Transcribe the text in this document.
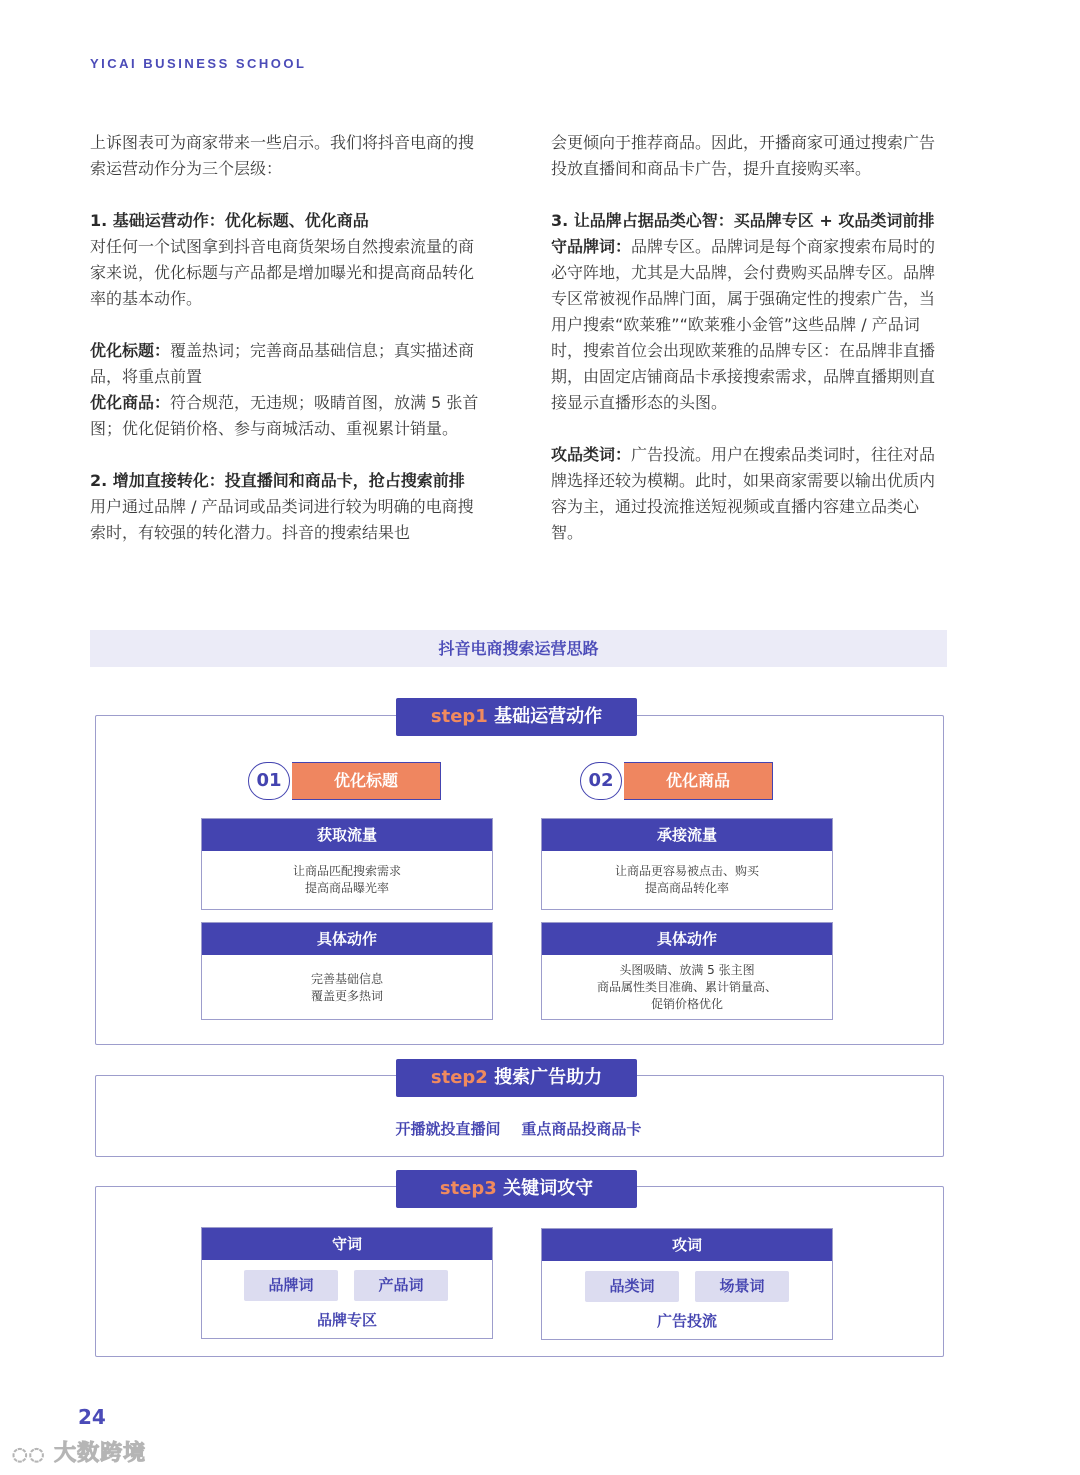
YICAI BUSINESS SCHOOL

上诉图表可为商家带来一些启示。我们将抖音电商的搜索运营动作分为三个层级：

1. 基础运营动作：优化标题、优化商品

对任何一个试图拿到抖音电商货架场自然搜索流量的商家来说，优化标题与产品都是增加曝光和提高商品转化率的基本动作。

优化标题：覆盖热词；完善商品基础信息；真实描述商品，将重点前置

优化商品：符合规范，无违规；吸睛首图，放满 5 张首图；优化促销价格、参与商城活动、重视累计销量。

2. 增加直接转化：投直播间和商品卡，抢占搜索前排

用户通过品牌 / 产品词或品类词进行较为明确的电商搜索时，有较强的转化潜力。抖音的搜索结果也

会更倾向于推荐商品。因此，开播商家可通过搜索广告投放直播间和商品卡广告，提升直接购买率。

3. 让品牌占据品类心智：买品牌专区 + 攻品类词前排
守品牌词：品牌专区。品牌词是每个商家搜索布局时的必守阵地，尤其是大品牌，会付费购买品牌专区。品牌专区常被视作品牌门面，属于强确定性的搜索广告，当用户搜索“欧莱雅”“欧莱雅小金管”这些品牌 / 产品词时，搜索首位会出现欧莱雅的品牌专区：在品牌非直播期，由固定店铺商品卡承接搜索需求，品牌直播期则直接显示直播形态的头图。

攻品类词：广告投流。用户在搜索品类词时，往往对品牌选择还较为模糊。此时，如果商家需要以输出优质内容为主，通过投流推送短视频或直播内容建立品类心智。

抖音电商搜索运营思路
step1 基础运营动作
01	优化标题	02	优化商品
获取流量
让商品匹配搜索需求
提高商品曝光率
承接流量
让商品更容易被点击、购买
提高商品转化率
具体动作
完善基础信息
覆盖更多热词
具体动作
头图吸睛、放满 5 张主图
商品属性类目准确、累计销量高、
促销价格优化
step2 搜索广告助力
开播就投直播间    重点商品投商品卡
step3 关键词攻守
守词
品牌词	产品词
品牌专区
攻词
品类词	场景词
广告投流
24
◌◌ 大数跨境
